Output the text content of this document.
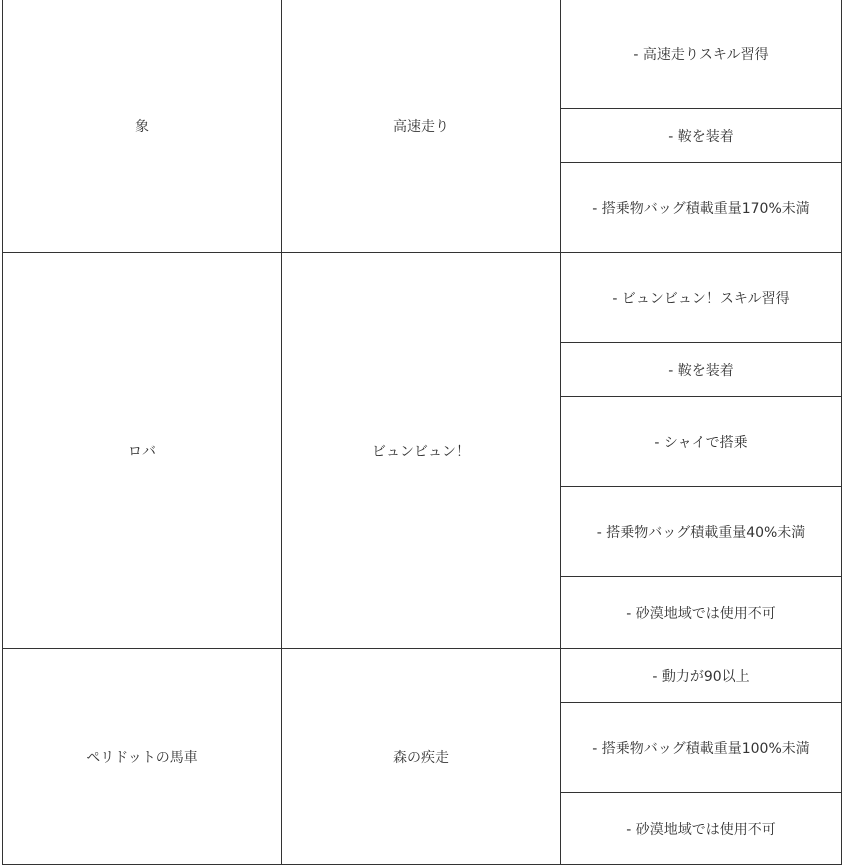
象	高速走り	- 高速走りスキル習得
		- 鞍を装着
		- 搭乗物バッグ積載重量170%未満
ロバ	ビュンビュン！	- ビュンビュン！スキル習得
		- 鞍を装着
		- シャイで搭乗
		- 搭乗物バッグ積載重量40%未満
		- 砂漠地域では使用不可
ペリドットの馬車	森の疾走	- 動力が90以上
		- 搭乗物バッグ積載重量100%未満
		- 砂漠地域では使用不可
